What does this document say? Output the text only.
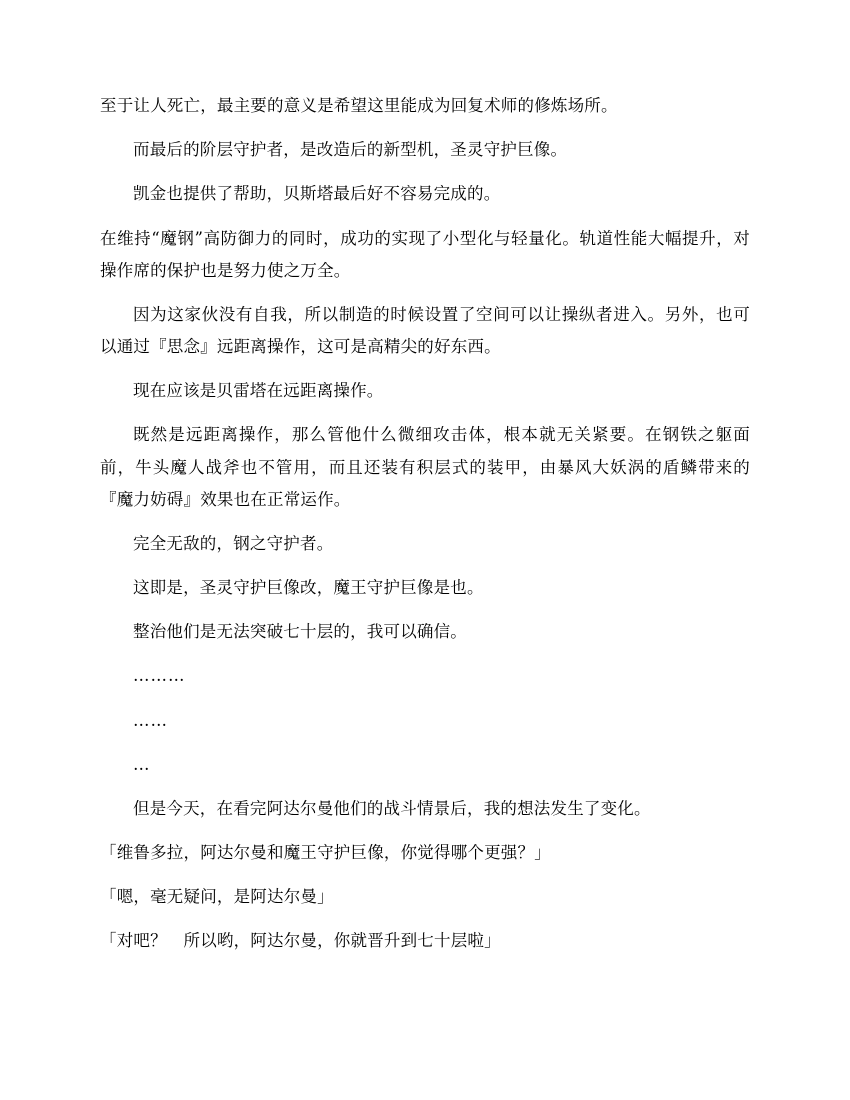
至于让人死亡，最主要的意义是希望这里能成为回复术师的修炼场所。

而最后的阶层守护者，是改造后的新型机，圣灵守护巨像。

凯金也提供了帮助，贝斯塔最后好不容易完成的。

在维持“魔钢”高防御力的同时，成功的实现了小型化与轻量化。轨道性能大幅提升，对操作席的保护也是努力使之万全。

因为这家伙没有自我，所以制造的时候设置了空间可以让操纵者进入。另外，也可以通过『思念』远距离操作，这可是高精尖的好东西。

现在应该是贝雷塔在远距离操作。

既然是远距离操作，那么管他什么微细攻击体，根本就无关紧要。在钢铁之躯面前，牛头魔人战斧也不管用，而且还装有积层式的装甲，由暴风大妖涡的盾鳞带来的『魔力妨碍』效果也在正常运作。

完全无敌的，钢之守护者。

这即是，圣灵守护巨像改，魔王守护巨像是也。

整治他们是无法突破七十层的，我可以确信。

………

……

…

但是今天，在看完阿达尔曼他们的战斗情景后，我的想法发生了变化。

「维鲁多拉，阿达尔曼和魔王守护巨像，你觉得哪个更强？」

「嗯，毫无疑问，是阿达尔曼」

「对吧？　所以哟，阿达尔曼，你就晋升到七十层啦」
